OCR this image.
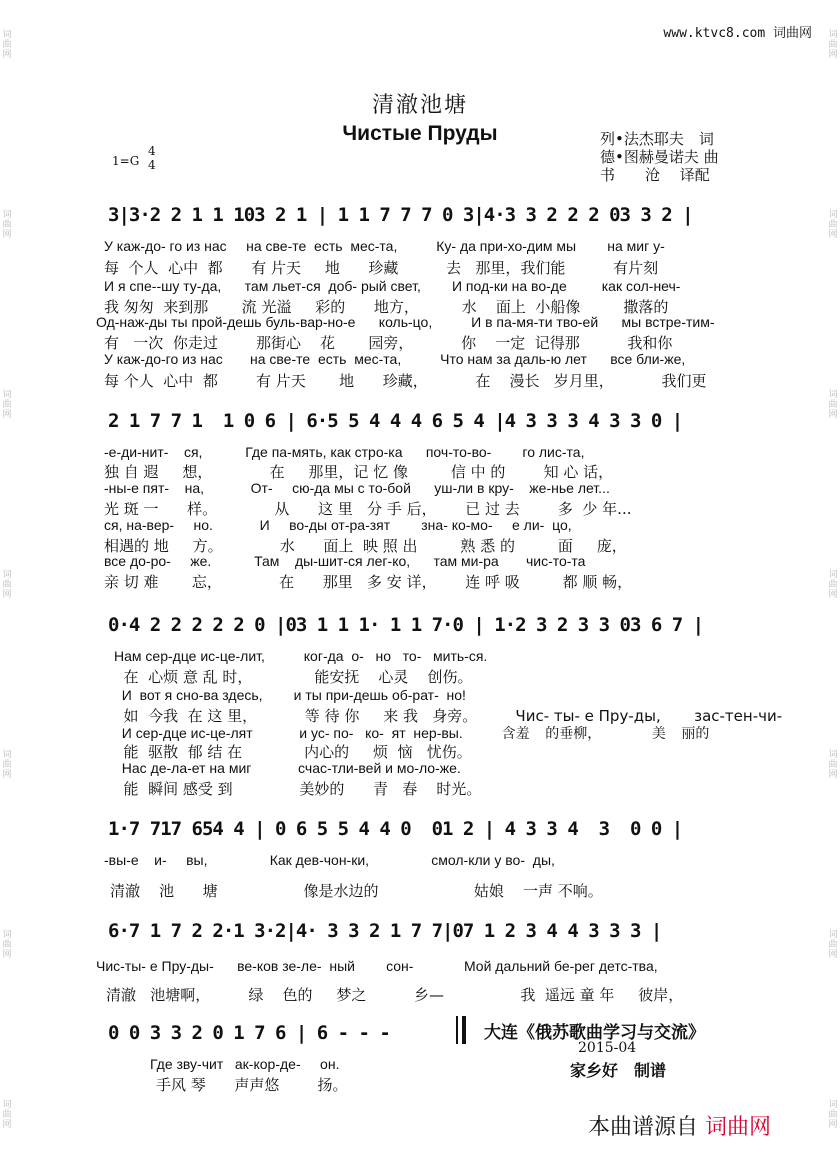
词曲网
词曲网
词曲网
词曲网
词曲网
词曲网
词曲网
词曲网
词曲网
词曲网
词曲网
词曲网
词曲网
词曲网
www.ktvc8.com 词曲网
清澈池塘
Чистые Пруды	列•法杰耶夫　词
德•图赫曼诺夫 曲
书　　沧　 译配
1=G
4
4
3|3·2 2 1 1 103 2 1 | 1 1 7 7 7 0 3|4·3 3 2 2 2 03 3 2 |
У каж-до- го из нас     на све-те  есть  мес-та,          Ку- да при-хо-дим мы        на миг у-
每  个人  心中  都      有 片天     地      珍藏          去   那里，我们能          有片刻
И я спе--шу ту-да,      там льет-ся  доб- рый свет,        И под-ки на во-де         как сол-неч-
我 匆匆  来到那       流 光溢     彩的      地方，         水    面上  小船像         撒落的
Од-наж-ды ты прой-дешь буль-вар-но-е      коль-цо,          И в па-мя-ти тво-ей      мы встре-тим-
有   一次  你走过        那街心    花       园旁，          你    一定  记得那          我和你
У каж-до-го из нас       на све-те  есть  мес-та,          Что нам за даль-ю лет      все бли-же,
每 个人  心中  都        有 片天       地      珍藏，          在    漫长   岁月里，          我们更
2 1 7 7 1  1 0 6 | 6·5 5 4 4 4 6 5 4 |4 3 3 3 4 3 3 0 |
-е-ди-нит-    ся,           Где па-мять, как стро-ка      поч-то-во-        го лис-та,
独 自 遐     想，            在     那里，记 忆 像         信 中 的        知 心 话，
-ны-е пят-    на,            От-     сю-да мы с то-бой      уш-ли в кру-    же-нье лет...
光 斑 一      样。            从      这 里   分 手 后，      已 过 去        多  少 年...
ся, на-вер-     но.            И     во-ды от-ра-зят        зна- ко-мо-     е ли-  цо,
相遇的 地     方。            水      面上  映 照 出         熟 悉 的         面     庞，
все до-ро-     же.           Там    ды-шит-ся лег-ко,      там ми-ра       чис-то-та
亲 切 难       忘，            在      那里   多 安 详，      连 呼 吸         都 顺 畅，
0·4 2 2 2 2 2 0 |03 1 1 1· 1 1 7·0 | 1·2 3 2 3 3 03 6 7 |
Нам сер-дце ис-це-лит,          ког-да  о-   но   то-   мить-ся.
在  心烦 意 乱 时，             能安抚    心灵    创伤。
И  вот я сно-ва здесь,        и ты при-дешь об-рат-  но!
如  今我  在 这 里，          等 待 你     来 我   身旁。        Чис- ты- е Пру-ды,       зас-тен-чи-
И сер-дце ис-це-лят            и ус- по-   ко-  ят  нер-вы.          含羞    的垂柳，             美    丽的
能  驱散  郁 结 在             内心的     烦  恼   忧伤。
Нас де-ла-ет на миг            счас-тли-вей и мо-ло-же.
能  瞬间 感受 到              美妙的      青   春    时光。
1·7 717 654 4 | 0 6 5 5 4 4 0  01 2 | 4 3 3 4  3  0 0 |
-вы-е    и-     вы,                Как дев-чон-ки,                смол-кли у во-  ды,
清澈    池      塘                  像是水边的                    姑娘    一声 不响。
6·7 1 7 2 2·1 3·2|4· 3 3 2 1 7 7|07 1 2 3 4 4 3 3 3 |
Чис-ты- е Пру-ды-      ве-ков зе-ле-  ный        сон-             Мой дальний бе-рег детс-тва,
清澈   池塘啊，        绿    色的     梦之          乡—                我  遥远 童 年     彼岸，
0 0 3 3 2 0 1 7 6 | 6 - - -
Где зву-чит   ак-кор-де-     он.
手风 琴      声声悠        扬。
大连《俄苏歌曲学习与交流》
2015-04
家乡好　制谱
本曲谱源自 词曲网
